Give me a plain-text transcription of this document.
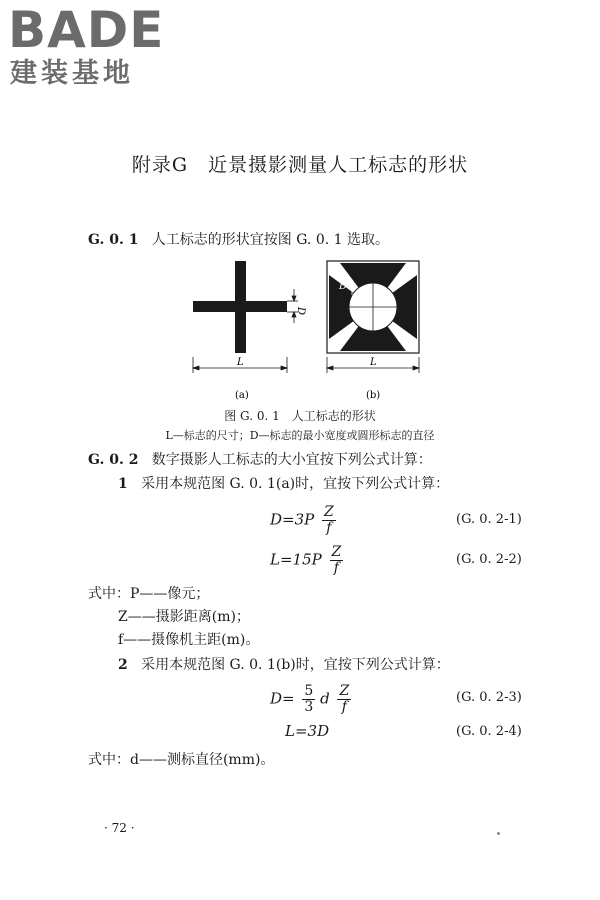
BADE
建装基地
附录G　近景摄影测量人工标志的形状
G. 0. 1 人工标志的形状宜按图 G. 0. 1 选取。
D
L
(a)
D
L
(b)
图 G. 0. 1　人工标志的形状
L—标志的尺寸；D—标志的最小宽度或圆形标志的直径
G. 0. 2 数字摄影人工标志的大小宜按下列公式计算：
1 采用本规范图 G. 0. 1(a)时，宜按下列公式计算：
$D=3P \frac{Z}{f}$	(G. 0. 2-1)
$L=15P \frac{Z}{f}$	(G. 0. 2-2)
式中：P——像元；
Z——摄影距离(m)；
f——摄像机主距(m)。
2 采用本规范图 G. 0. 1(b)时，宜按下列公式计算：
$D= \frac{5}{3}$ d $\frac{Z}{f}$	(G. 0. 2-3)
L=3D	(G. 0. 2-4)
式中：d——测标直径(mm)。
· 72 ·
